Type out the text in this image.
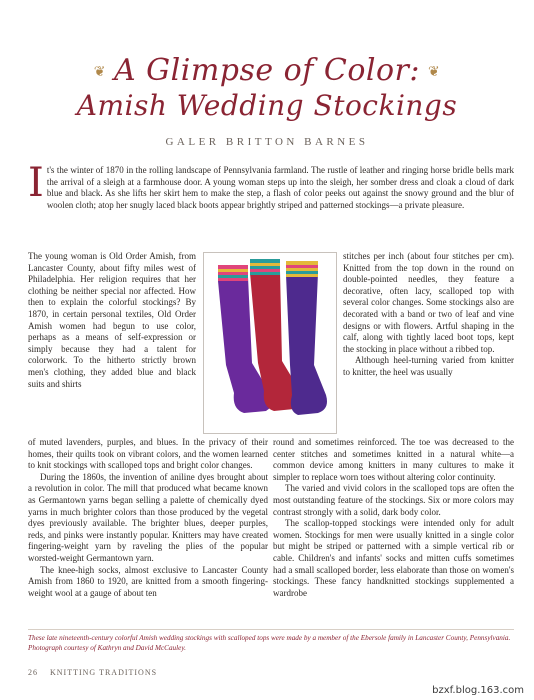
❦ A Glimpse of Color: ❦
Amish Wedding Stockings

GALER BRITTON BARNES

It's the winter of 1870 in the rolling landscape of Pennsylvania farmland. The rustle of leather and ringing horse bridle bells mark the arrival of a sleigh at a farmhouse door. A young woman steps up into the sleigh, her somber dress and cloak a cloud of dark blue and black. As she lifts her skirt hem to make the step, a flash of color peeks out against the snowy ground and the blur of woolen cloth; atop her snugly laced black boots appear brightly striped and patterned stockings—a private pleasure.

The young woman is Old Order Amish, from Lancaster County, about fifty miles west of Philadelphia. Her religion requires that her clothing be neither special nor affected. How then to explain the colorful stockings? By 1870, in certain personal textiles, Old Order Amish women had begun to use color, perhaps as a means of self-expression or simply because they had a talent for colorwork. To the hitherto strictly brown men's clothing, they added blue and black suits and shirts

of muted lavenders, purples, and blues. In the privacy of their homes, their quilts took on vibrant colors, and the women learned to knit stockings with scalloped tops and bright color changes.

During the 1860s, the invention of aniline dyes brought about a revolution in color. The mill that produced what became known as Germantown yarns began selling a palette of chemically dyed yarns in much brighter colors than those produced by the vegetal dyes previously available. The brighter blues, deeper purples, reds, and pinks were instantly popular. Knitters may have created fingering-weight yarn by raveling the plies of the popular worsted-weight Germantown yarn.

The knee-high socks, almost exclusive to Lancaster County Amish from 1860 to 1920, are knitted from a smooth fingering-weight wool at a gauge of about ten

stitches per inch (about four stitches per cm). Knitted from the top down in the round on double-pointed needles, they feature a decorative, often lacy, scalloped top with several color changes. Some stockings also are decorated with a band or two of leaf and vine designs or with flowers. Artful shaping in the calf, along with tightly laced boot tops, kept the stocking in place without a ribbed top.

Although heel-turning varied from knitter to knitter, the heel was usually

round and sometimes reinforced. The toe was decreased to the center stitches and sometimes knitted in a natural white—a common device among knitters in many cultures to make it simpler to replace worn toes without altering color continuity.

The varied and vivid colors in the scalloped tops are often the most outstanding feature of the stockings. Six or more colors may contrast strongly with a solid, dark body color.

The scallop-topped stockings were intended only for adult women. Stockings for men were usually knitted in a single color but might be striped or patterned with a simple vertical rib or cable. Children's and infants' socks and mitten cuffs sometimes had a small scalloped border, less elaborate than those on women's stockings. These fancy handknitted stockings supplemented a wardrobe

These late nineteenth-century colorful Amish wedding stockings with scalloped tops were made by a member of the Ebersole family in Lancaster County, Pennsylvania. Photograph courtesy of Kathryn and David McCauley.

26 KNITTING TRADITIONS
bzxf.blog.163.com
